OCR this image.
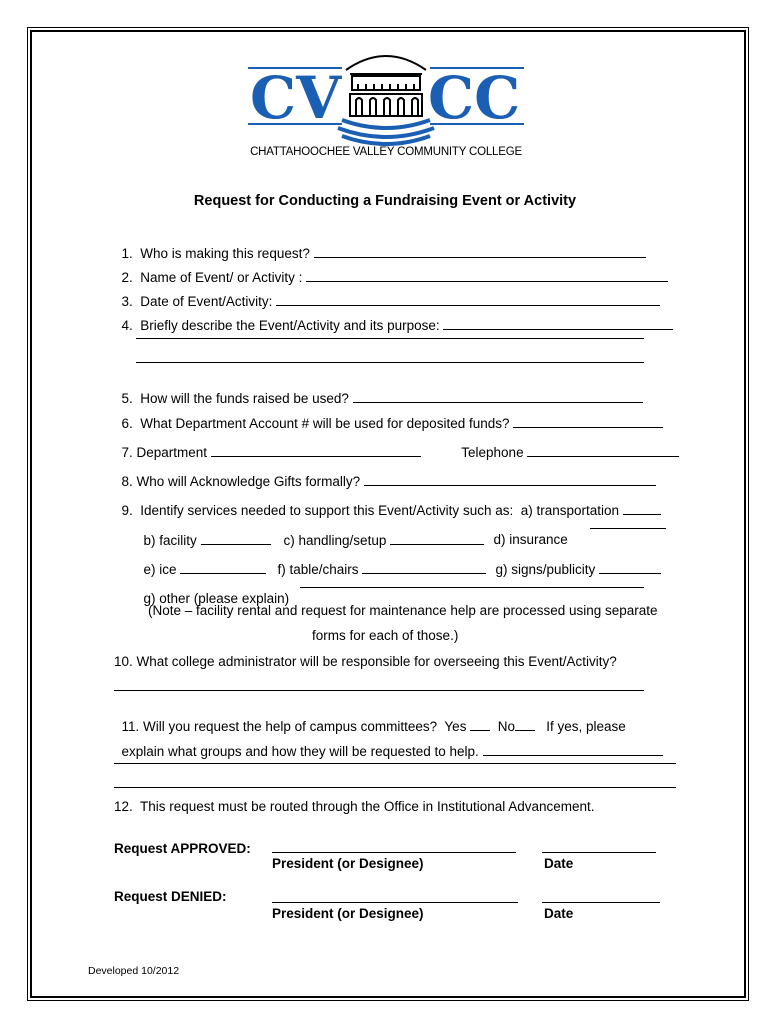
CV CC
CHATTAHOOCHEE VALLEY COMMUNITY COLLEGE
Request for Conducting a Fundraising Event or Activity

1.  Who is making this request?

2.  Name of Event/ or Activity :

3.  Date of Event/Activity:

4.  Briefly describe the Event/Activity and its purpose:

5.  How will the funds raised be used?

6.  What Department Account # will be used for deposited funds?

7. Department	Telephone

8. Who will Acknowledge Gifts formally?

9.  Identify services needed to support this Event/Activity such as:  a) transportation

b) facility	c) handling/setup	d) insurance

e) ice	f) table/chairs	g) signs/publicity

g) other (please explain)

(Note – facility rental and request for maintenance help are processed using separate
forms for each of those.)
10. What college administrator will be responsible for overseeing this Event/Activity?

11. Will you request the help of campus committees?  Yes No If yes, please

explain what groups and how they will be requested to help.

12.  This request must be routed through the Office in Institutional Advancement.
Request APPROVED:
President (or Designee)	Date
Request DENIED:
President (or Designee)	Date
Developed 10/2012
